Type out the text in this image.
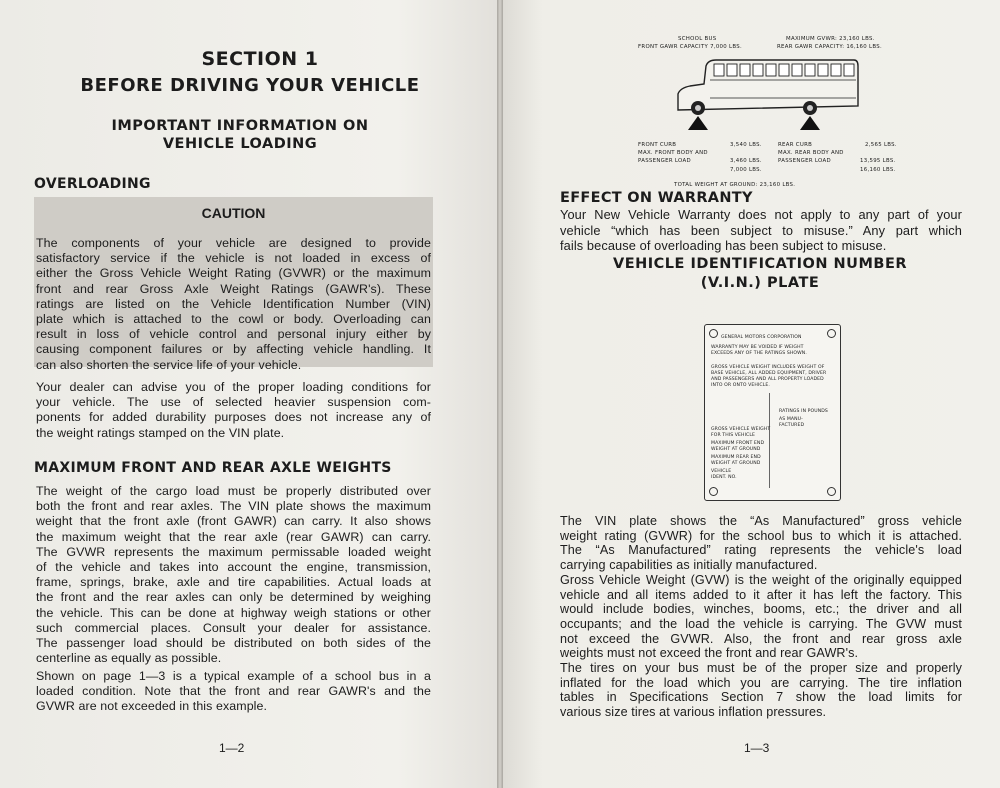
SECTION 1
BEFORE DRIVING YOUR VEHICLE
IMPORTANT INFORMATION ON
VEHICLE LOADING
OVERLOADING
CAUTION
The components of your vehicle are designed to provide
satisfactory service if the vehicle is not loaded in excess of
either the Gross Vehicle Weight Rating (GVWR) or the maximum
front and rear Gross Axle Weight Ratings (GAWR's). These
ratings are listed on the Vehicle Identification Number (VIN)
plate which is attached to the cowl or body. Overloading can
result in loss of vehicle control and personal injury either by
causing component failures or by affecting vehicle handling. It
can also shorten the service life of your vehicle.
Your dealer can advise you of the proper loading conditions for
your vehicle. The use of selected heavier suspension com-
ponents for added durability purposes does not increase any of
the weight ratings stamped on the VIN plate.
MAXIMUM FRONT AND REAR AXLE WEIGHTS
The weight of the cargo load must be properly distributed over
both the front and rear axles. The VIN plate shows the maximum
weight that the front axle (front GAWR) can carry. It also shows
the maximum weight that the rear axle (rear GAWR) can carry.
The GVWR represents the maximum permissable loaded weight
of the vehicle and takes into account the engine, transmission,
frame, springs, brake, axle and tire capabilities. Actual loads at
the front and the rear axles can only be determined by weighing
the vehicle. This can be done at highway weigh stations or other
such commercial places. Consult your dealer for assistance.
The passenger load should be distributed on both sides of the
centerline as equally as possible.
Shown on page 1—3 is a typical example of a school bus in a
loaded condition. Note that the front and rear GAWR's and the
GVWR are not exceeded in this example.
1—2
SCHOOL BUS
FRONT GAWR CAPACITY 7,000 LBS.
MAXIMUM GVWR: 23,160 LBS.
REAR GAWR CAPACITY: 16,160 LBS.
FRONT CURB	3,540 LBS.
MAX. FRONT BODY AND
PASSENGER LOAD	3,460 LBS.
7,000 LBS.
REAR CURB	2,565 LBS.
MAX. REAR BODY AND
PASSENGER LOAD	13,595 LBS.
16,160 LBS.
TOTAL WEIGHT AT GROUND: 23,160 LBS.
EFFECT ON WARRANTY
Your New Vehicle Warranty does not apply to any part of your
vehicle “which has been subject to misuse.” Any part which
fails because of overloading has been subject to misuse.
VEHICLE IDENTIFICATION NUMBER
(V.I.N.) PLATE
GENERAL MOTORS CORPORATION
WARRANTY MAY BE VOIDED IF WEIGHT
EXCEEDS ANY OF THE RATINGS SHOWN.
GROSS VEHICLE WEIGHT INCLUDES WEIGHT OF
BASE VEHICLE, ALL ADDED EQUIPMENT, DRIVER
AND PASSENGERS AND ALL PROPERTY LOADED
INTO OR ONTO VEHICLE.
RATINGS IN POUNDS
AS MANU-
FACTURED
GROSS VEHICLE WEIGHT
FOR THIS VEHICLE
MAXIMUM FRONT END
WEIGHT AT GROUND
MAXIMUM REAR END
WEIGHT AT GROUND
VEHICLE
IDENT. NO.
The VIN plate shows the “As Manufactured” gross vehicle
weight rating (GVWR) for the school bus to which it is attached.
The “As Manufactured” rating represents the vehicle's load
carrying capabilities as initially manufactured.
Gross Vehicle Weight (GVW) is the weight of the originally equipped
vehicle and all items added to it after it has left the factory. This
would include bodies, winches, booms, etc.; the driver and all
occupants; and the load the vehicle is carrying. The GVW must
not exceed the GVWR. Also, the front and rear gross axle
weights must not exceed the front and rear GAWR's.
The tires on your bus must be of the proper size and properly
inflated for the load which you are carrying. The tire inflation
tables in Specifications Section 7 show the load limits for
various size tires at various inflation pressures.
1—3
